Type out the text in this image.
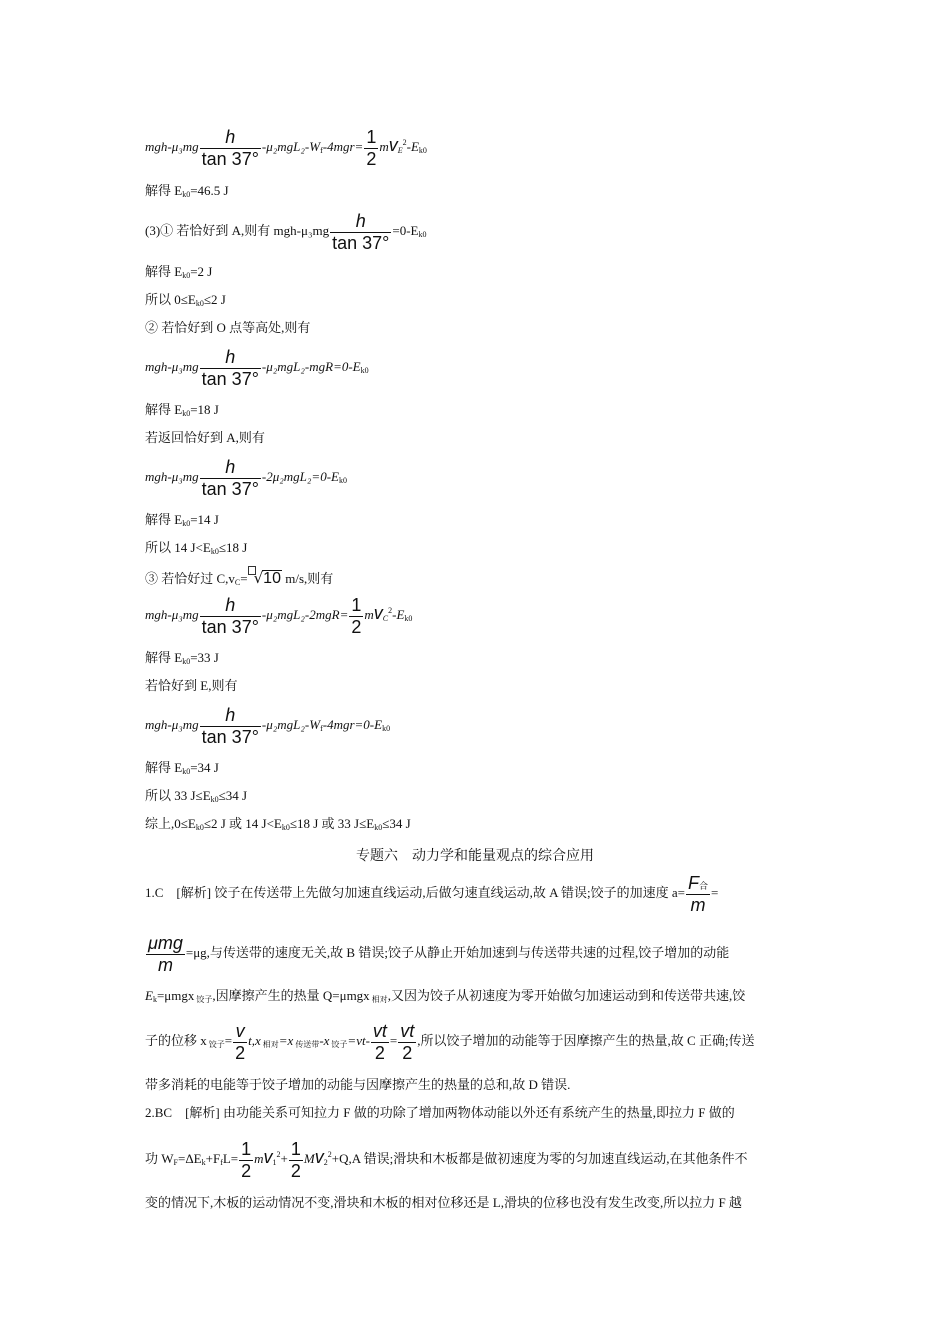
$mgh-\mu_3mg \frac{h}{\tan 37^\circ} -\mu_2mgL_2-W_f-4mgr= \frac{1}{2} mv_E^2-E_{k0}$
解得 $E_{k0}=46.5$ J
(3)① 若恰好到 A,则有 $mgh-\mu_3mg \frac{h}{\tan 37^\circ} =0-E_{k0}$
解得 $E_{k0}=2$ J
所以 $0\le E_{k0}\le 2$ J
② 若恰好到 O 点等高处,则有
$mgh-\mu_3mg \frac{h}{\tan 37^\circ} -\mu_2mgL_2-mgR=0-E_{k0}$
解得 $E_{k0}=18$ J
若返回恰好到 A,则有
$mgh-\mu_3mg \frac{h}{\tan 37^\circ} -2\mu_2mgL_2=0-E_{k0}$
解得 $E_{k0}=14$ J
所以 14 $J<E_{k0}\le 18$ J
③ 若恰好过 $C,v_C= √10$ m/s,则有
$mgh-\mu_3mg \frac{h}{\tan 37^\circ} -\mu_2mgL_2-2mgR= \frac{1}{2} mv_C^2-E_{k0}$
解得 $E_{k0}=33$ J
若恰好到 E,则有
$mgh-\mu_3mg \frac{h}{\tan 37^\circ} -\mu_2mgL_2-W_f-4mgr=0-E_{k0}$
解得 $E_{k0}=34$ J
所以 33 $J\le E_{k0}\le 34$ J
综上$,0\le E_{k0}\le 2$ J 或 14 $J<E_{k0}\le 18$ J 或 33 $J\le E_{k0}\le 34$ J
专题六　动力学和能量观点的综合应用
1.C　[解析] 饺子在传送带上先做匀加速直线运动,后做匀速直线运动,故 A 错误;饺子的加速度 $a= \frac{\text{F合}}{m}$ =
$\frac{\text{μmg}}{m} =\mu g$,与传送带的速度无关,故 B 错误;饺子从静止开始加速到与传送带共速的过程,饺子增加的动能
$E_k=\mu mgx$ $_{饺子}$,因摩擦产生的热量 Q=μmgx $_{相对}$,又因为饺子从初速度为零开始做匀加速运动到和传送带共速,饺
子的位移 x $_{饺子}= \frac{v}{2} t,x$ $_{相对}$=x $_{传送带}$-x $_{饺子}=vt- \frac{vt}{2} = \frac{vt}{2}$ ,所以饺子增加的动能等于因摩擦产生的热量,故 C 正确;传送
带多消耗的电能等于饺子增加的动能与因摩擦产生的热量的总和,故 D 错误.
2.BC　[解析] 由功能关系可知拉力 F 做的功除了增加两物体动能以外还有系统产生的热量,即拉力 F 做的
功 $W_F=\Delta E_k+F_fL= \frac{1}{2} mv_1^2+ \frac{1}{2} Mv_2^2+Q,A$ 错误;滑块和木板都是做初速度为零的匀加速直线运动,在其他条件不
变的情况下,木板的运动情况不变,滑块和木板的相对位移还是 L,滑块的位移也没有发生改变,所以拉力 F 越
